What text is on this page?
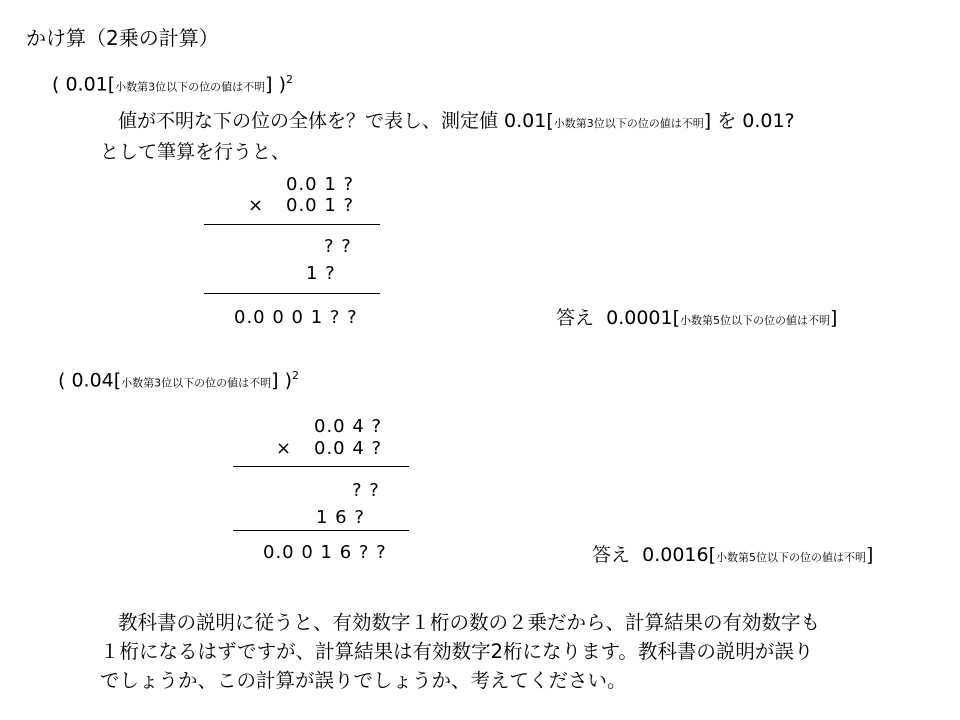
かけ算（2乗の計算）
( 0.01[小数第3位以下の位の値は不明] )$^2$
値が不明な下の位の全体を？で表し、測定値 0.01[小数第3位以下の位の値は不明] を 0.01?
として筆算を行うと、
0.0 1 ?
× 0.0 1 ?
? ?
1 ?
0.0 0 0 1 ? ?	答え 0.0001[小数第5位以下の位の値は不明]
( 0.04[小数第3位以下の位の値は不明] )$^2$
0.0 4 ?
× 0.0 4 ?
? ?
1 6 ?
0.0 0 1 6 ? ?	答え 0.0016[小数第5位以下の位の値は不明]
教科書の説明に従うと、有効数字１桁の数の２乗だから、計算結果の有効数字も
１桁になるはずですが、計算結果は有効数字2桁になります。教科書の説明が誤り
でしょうか、この計算が誤りでしょうか、考えてください。
